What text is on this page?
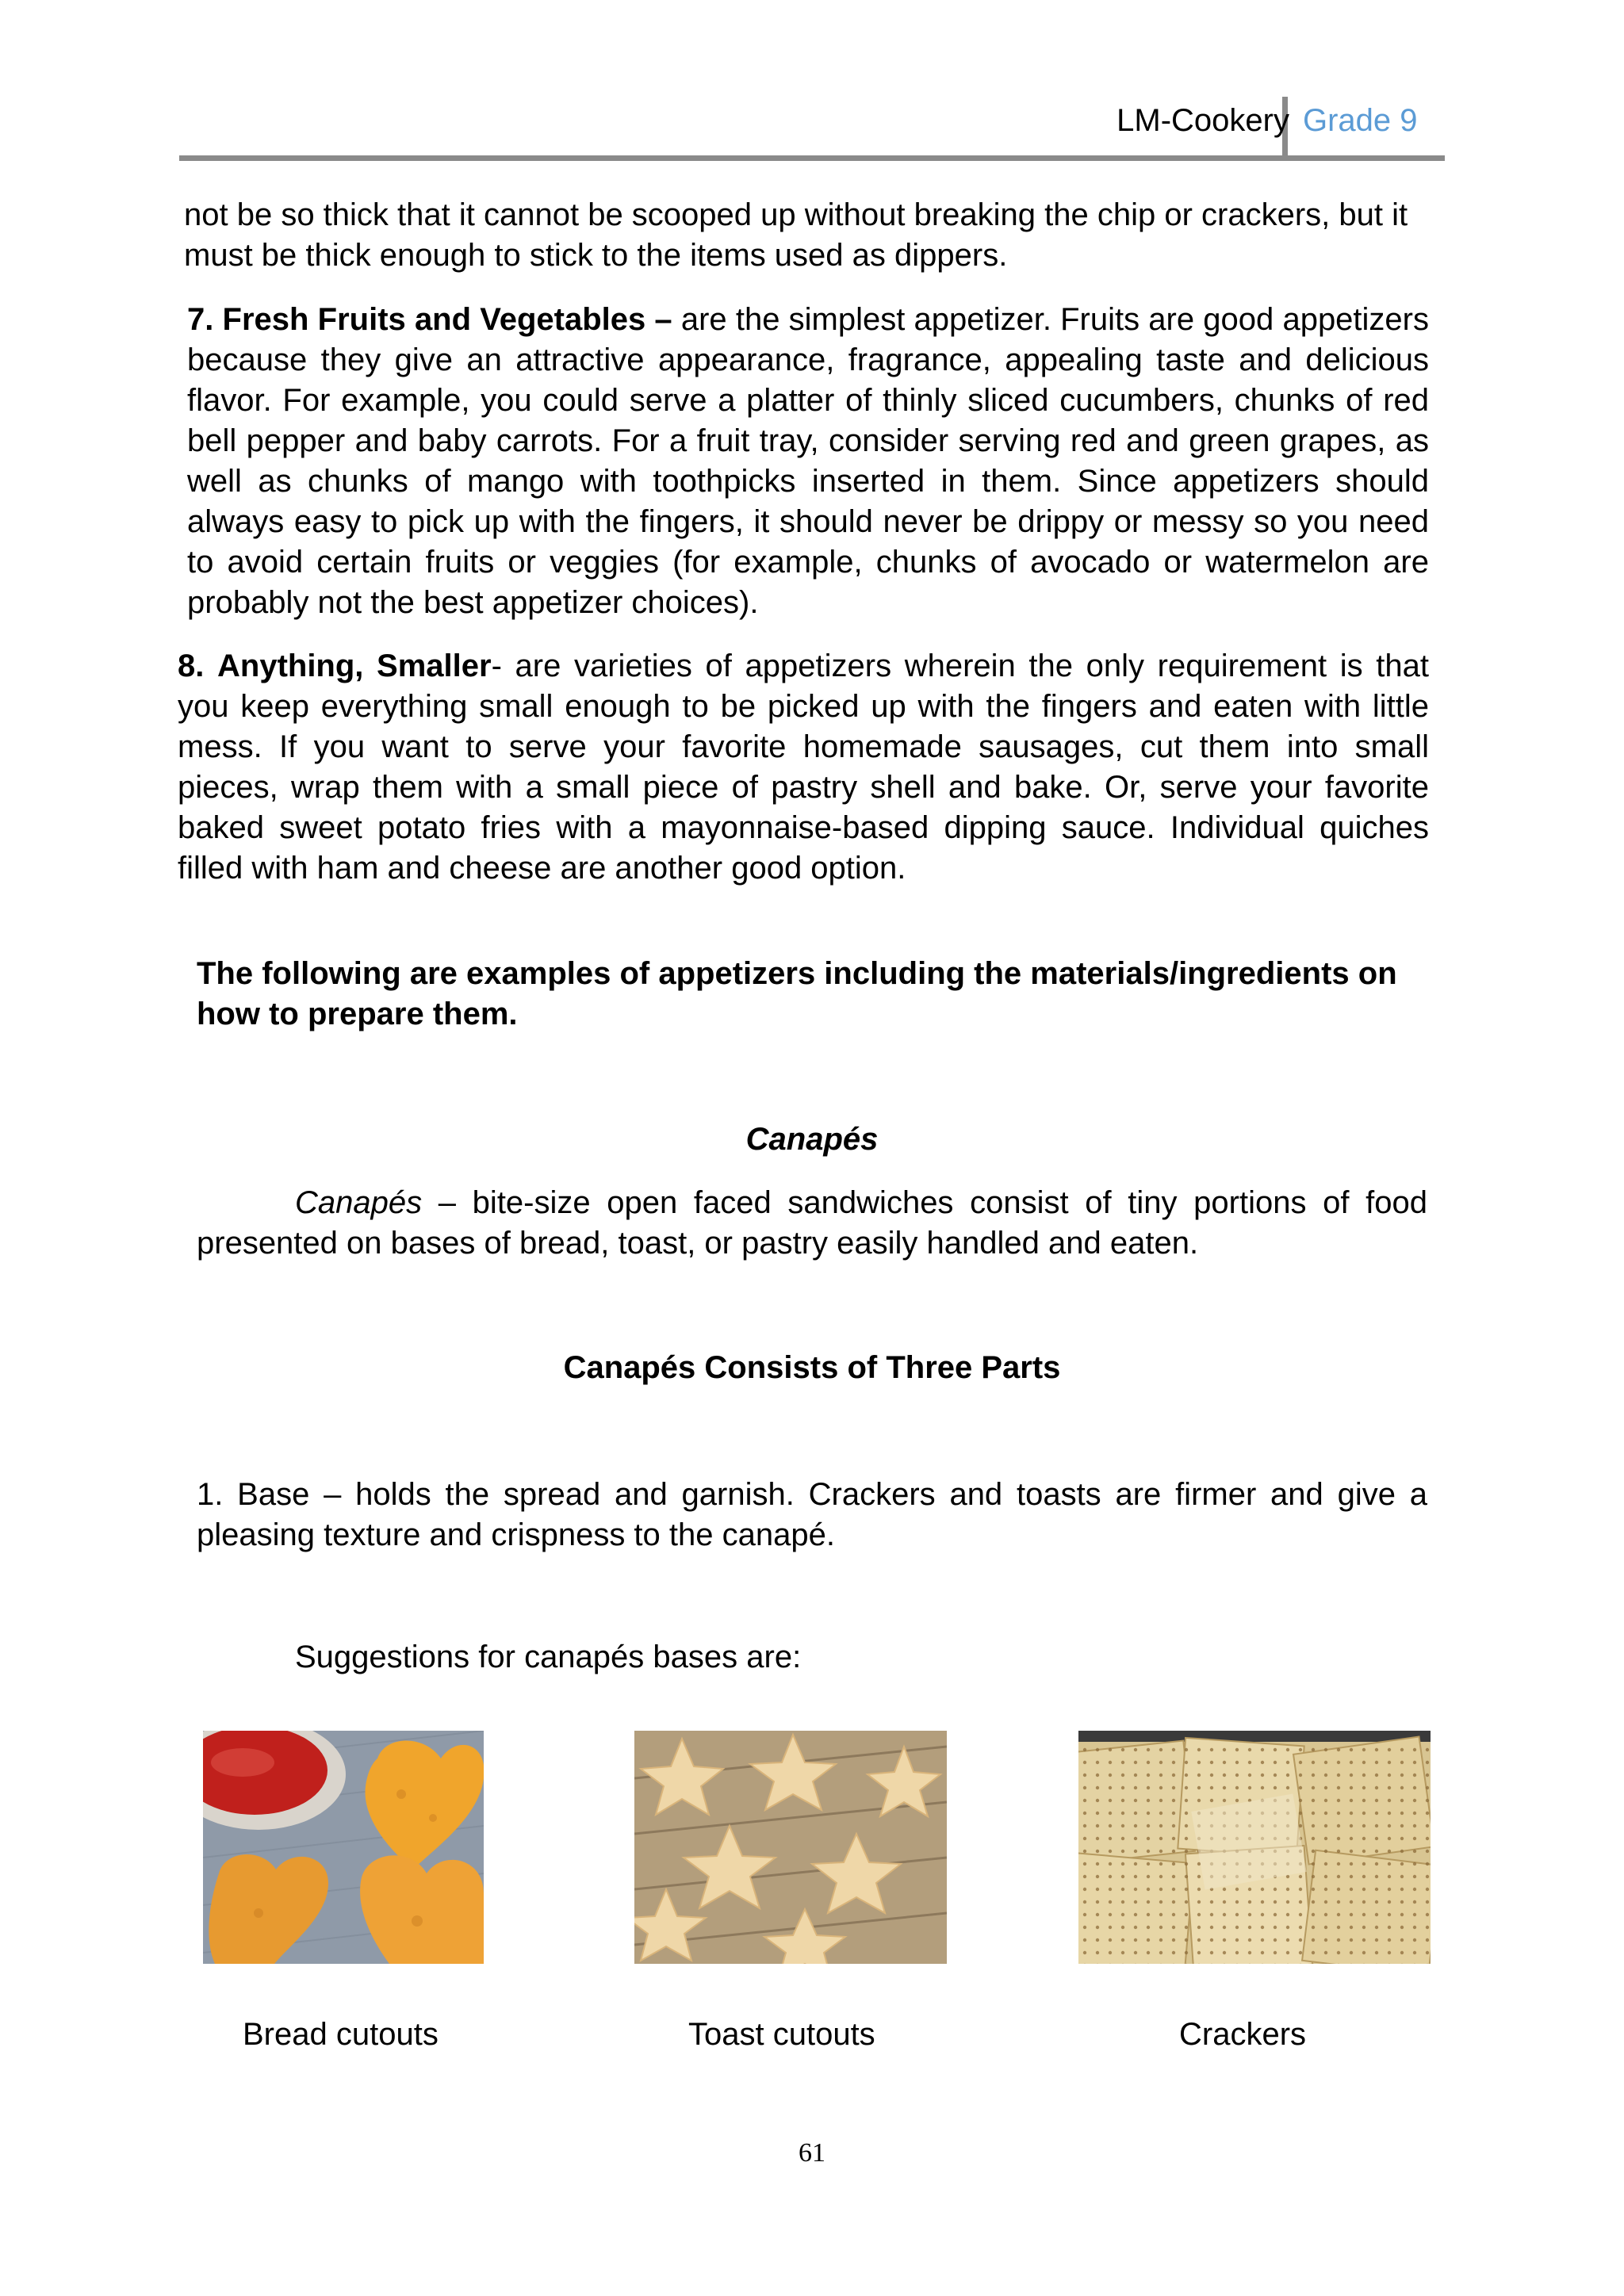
LM-Cookery Grade 9
not be so thick that it cannot be scooped up without breaking the chip or crackers, but it must be thick enough to stick to the items used as dippers.
7. Fresh Fruits and Vegetables – are the simplest appetizer. Fruits are good appetizers because they give an attractive appearance, fragrance, appealing taste and delicious flavor. For example, you could serve a platter of thinly sliced cucumbers, chunks of red bell pepper and baby carrots. For a fruit tray, consider serving red and green grapes, as well as chunks of mango with toothpicks inserted in them. Since appetizers should always easy to pick up with the fingers, it should never be drippy or messy so you need to avoid certain fruits or veggies (for example, chunks of avocado or watermelon are probably not the best appetizer choices).
8. Anything, Smaller- are varieties of appetizers wherein the only requirement is that you keep everything small enough to be picked up with the fingers and eaten with little mess. If you want to serve your favorite homemade sausages, cut them into small pieces, wrap them with a small piece of pastry shell and bake. Or, serve your favorite baked sweet potato fries with a mayonnaise-based dipping sauce. Individual quiches filled with ham and cheese are another good option.
The following are examples of appetizers including the materials/ingredients on how to prepare them.
Canapés
Canapés – bite-size open faced sandwiches consist of tiny portions of food presented on bases of bread, toast, or pastry easily handled and eaten.
Canapés Consists of Three Parts
1. Base – holds the spread and garnish. Crackers and toasts are firmer and give a pleasing texture and crispness to the canapé.
Suggestions for canapés bases are:
Bread cutouts	Toast cutouts	Crackers
61
